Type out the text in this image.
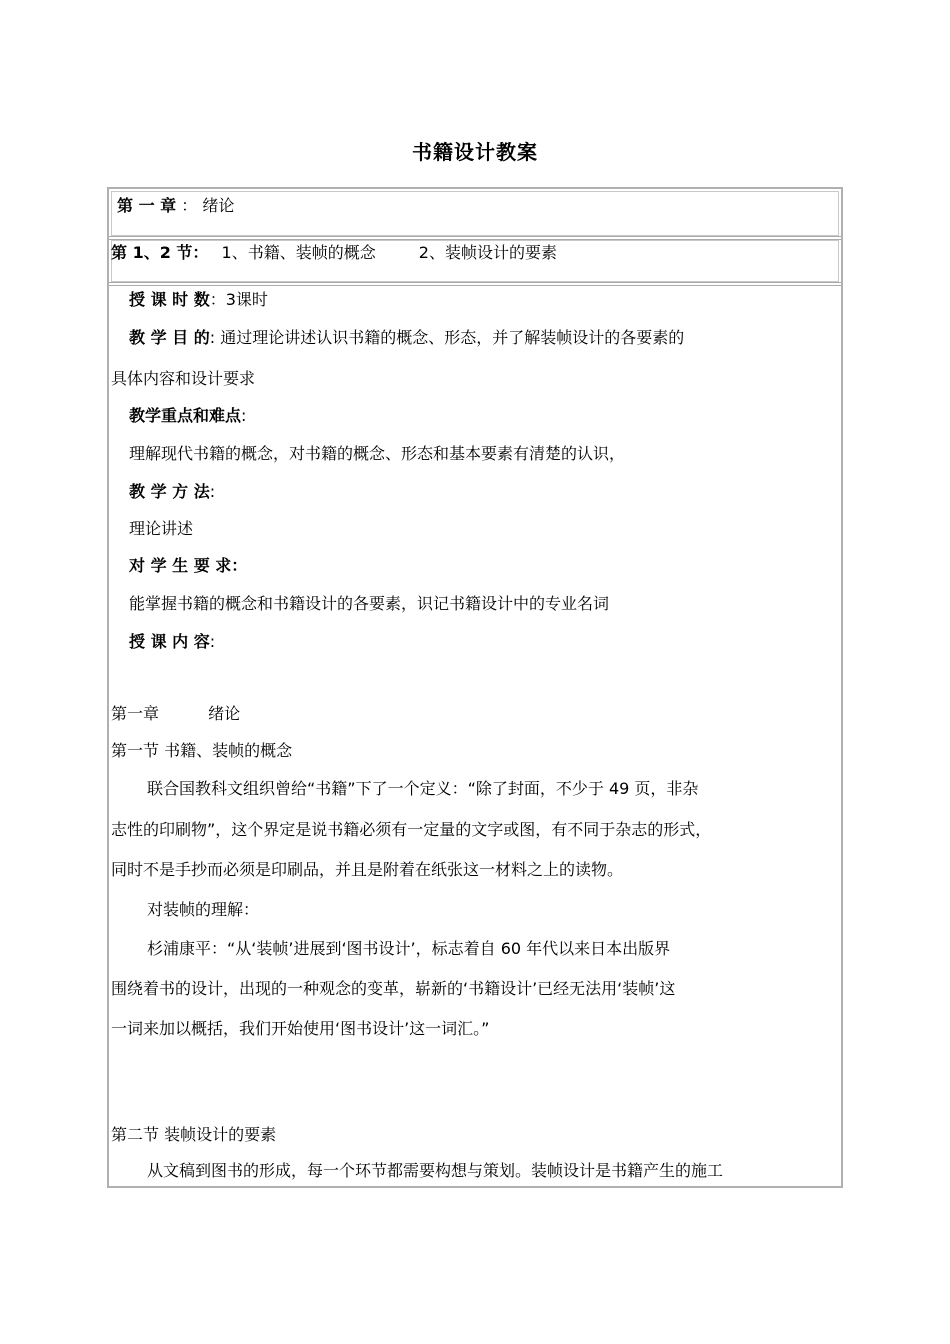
书籍设计教案
第 一 章 ： 绪论
第 1、2 节： 1、书籍、装帧的概念	2、装帧设计的要素
授 课 时 数：3课时
教 学 目 的: 通过理论讲述认识书籍的概念、形态，并了解装帧设计的各要素的
具体内容和设计要求
教学重点和难点:
理解现代书籍的概念，对书籍的概念、形态和基本要素有清楚的认识，
教 学 方 法:
理论讲述
对 学 生 要 求：
能掌握书籍的概念和书籍设计的各要素，识记书籍设计中的专业名词
授 课 内 容:
第一章	绪论
第一节 书籍、装帧的概念
联合国教科文组织曾给“书籍”下了一个定义：“除了封面，不少于 49 页，非杂
志性的印刷物”，这个界定是说书籍必须有一定量的文字或图，有不同于杂志的形式，
同时不是手抄而必须是印刷品，并且是附着在纸张这一材料之上的读物。
对装帧的理解：
杉浦康平：“从‘装帧’进展到‘图书设计’，标志着自 60 年代以来日本出版界
围绕着书的设计，出现的一种观念的变革，崭新的‘书籍设计’已经无法用‘装帧’这
一词来加以概括，我们开始使用‘图书设计’这一词汇。”
第二节 装帧设计的要素
从文稿到图书的形成，每一个环节都需要构想与策划。装帧设计是书籍产生的施工
